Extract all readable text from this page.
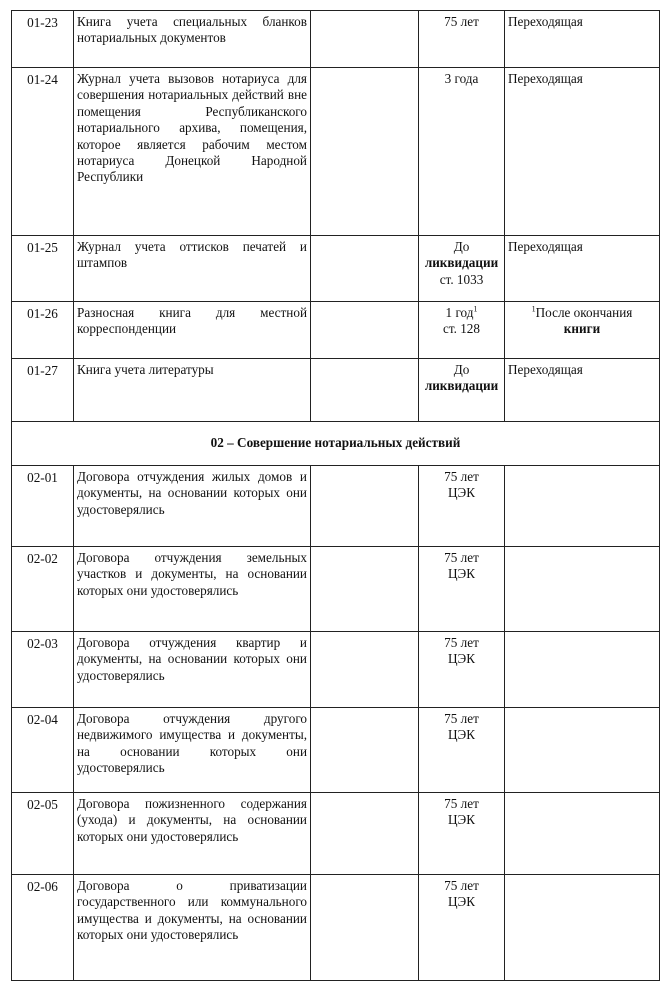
01-23	Книга учета специальных бланков нотариальных документов		75 лет	Переходящая
01-24	Журнал учета вызовов нотариуса для совершения нотариальных действий вне помещения Республиканского нотариального архива, помещения, которое является рабочим местом нотариуса Донецкой Народной Республики		3 года	Переходящая
01-25	Журнал учета оттисков печатей и штампов		До
ликвидации
ст. 1033	Переходящая
01-26	Разносная книга для местной корреспонденции		1 год$^1$
ст. 128	$^1$После окончания
книги

01-27	Книга учета литературы		До
ликвидации	Переходящая
02 – Совершение нотариальных действий				
02-01	Договора отчуждения жилых домов и документы, на основании которых они удостоверялись		75 лет
ЦЭК	

02-02	Договора отчуждения земельных участков и документы, на основании которых они удостоверялись		75 лет
ЦЭК	

02-03	Договора отчуждения квартир и документы, на основании которых они удостоверялись		75 лет
ЦЭК	

02-04	Договора отчуждения другого недвижимого имущества и документы, на основании которых они удостоверялись		75 лет
ЦЭК	

02-05	Договора пожизненного содержания (ухода) и документы, на основании которых они удостоверялись		75 лет
ЦЭК	

02-06	Договора о приватизации государственного или коммунального имущества и документы, на основании которых они удостоверялись		75 лет
ЦЭК	
